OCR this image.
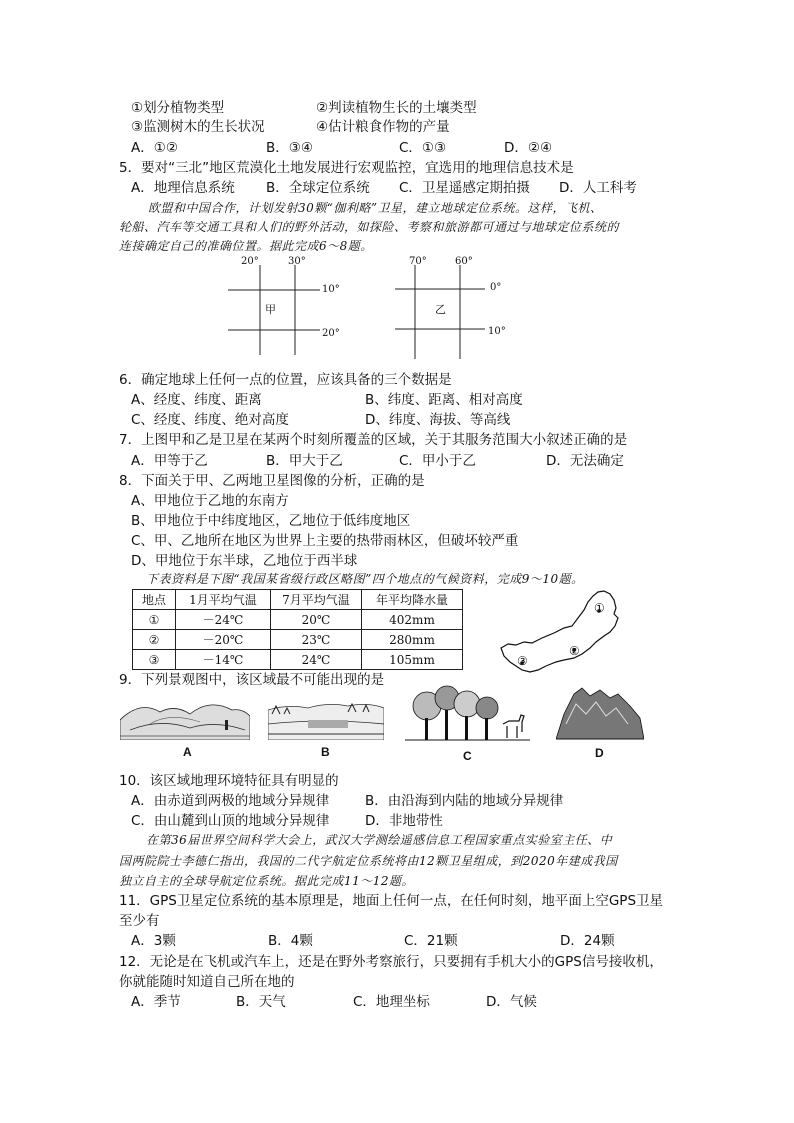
①划分植物类型	②判读植物生长的土壤类型
③监测树木的生长状况	④估计粮食作物的产量
A．①②	B．③④	C．①③	D．②④
5．要对“三北”地区荒漠化土地发展进行宏观监控，宜选用的地理信息技术是
A．地理信息系统 B．全球定位系统 C．卫星遥感定期拍摄 D．人工科考
欧盟和中国合作，计划发射30颗“伽利略”卫星，建立地球定位系统。这样，飞机、
轮船、汽车等交通工具和人们的野外活动，如探险、考察和旅游都可通过与地球定位系统的
连接确定自己的准确位置。据此完成6～8题。
20°	30°
10°
20°
甲
70°	60°
0°
10°
乙
6．确定地球上任何一点的位置，应该具备的三个数据是
A、经度、纬度、距离	B、纬度、距离、相对高度
C、经度、纬度、绝对高度	D、纬度、海拔、等高线
7．上图甲和乙是卫星在某两个时刻所覆盖的区域，关于其服务范围大小叙述正确的是
A．甲等于乙	B．甲大于乙	C．甲小于乙	D．无法确定
8．下面关于甲、乙两地卫星图像的分析，正确的是
A、甲地位于乙地的东南方
B、甲地位于中纬度地区，乙地位于低纬度地区
C、甲、乙地所在地区为世界上主要的热带雨林区，但破坏较严重
D、甲地位于东半球，乙地位于西半球
下表资料是下图“我国某省级行政区略图”四个地点的气候资料，完成9～10题。
地点	1月平均气温	7月平均气温	年平均降水量
①	－24℃	20℃	402mm
②	－20℃	23℃	280mm
③	－14℃	24℃	105mm
①
②
③
9．下列景观图中，该区域最不可能出现的是
A	B	C	D
10．该区域地理环境特征具有明显的
A．由赤道到两极的地域分异规律	B．由沿海到内陆的地域分异规律
C．由山麓到山顶的地域分异规律	D．非地带性
在第36届世界空间科学大会上，武汉大学测绘遥感信息工程国家重点实验室主任、中
国两院院士李德仁指出，我国的二代字航定位系统将由12颗卫星组成，到2020年建成我国
独立自主的全球导航定位系统。据此完成11～12题。
11．GPS卫星定位系统的基本原理是，地面上任何一点，在任何时刻，地平面上空GPS卫星
至少有
A．3颗	B．4颗	C．21颗	D．24颗
12．无论是在飞机或汽车上，还是在野外考察旅行，只要拥有手机大小的GPS信号接收机，
你就能随时知道自己所在地的
A．季节	B．天气	C．地理坐标	D．气候
